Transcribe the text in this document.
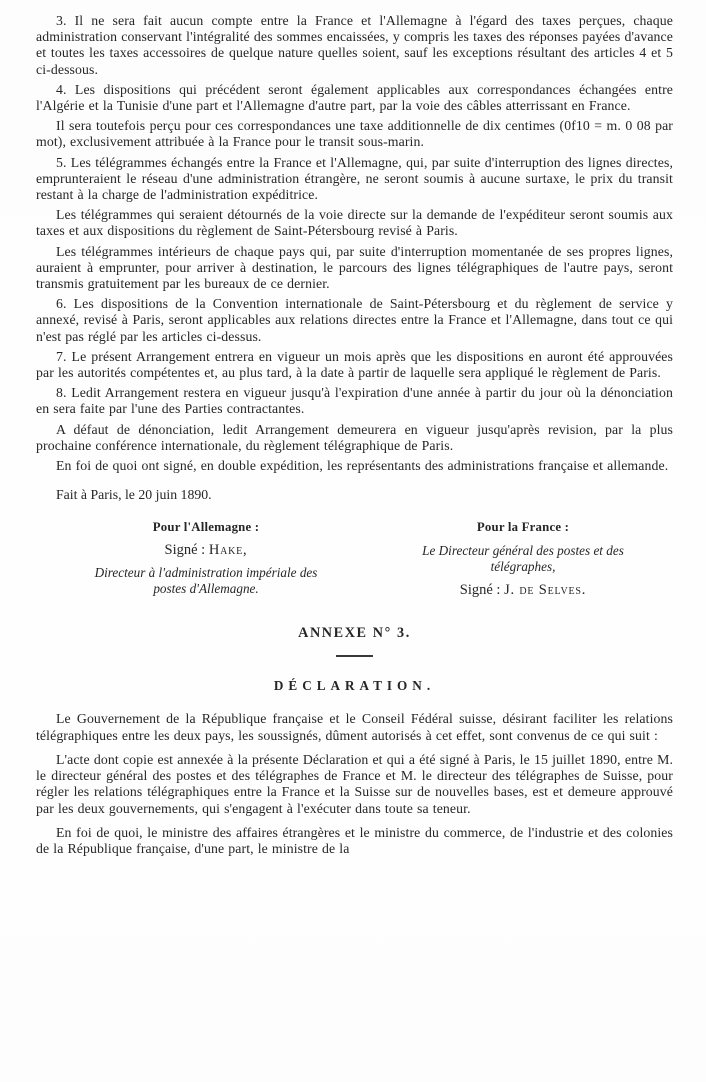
3. Il ne sera fait aucun compte entre la France et l'Allemagne à l'égard des taxes perçues, chaque administration conservant l'intégralité des sommes encaissées, y compris les taxes des réponses payées d'avance et toutes les taxes accessoires de quelque nature quelles soient, sauf les exceptions résultant des articles 4 et 5 ci-dessous.

4. Les dispositions qui précédent seront également applicables aux correspondances échangées entre l'Algérie et la Tunisie d'une part et l'Allemagne d'autre part, par la voie des câbles atterrissant en France.

Il sera toutefois perçu pour ces correspondances une taxe additionnelle de dix centimes (0f10 = m. 0 08 par mot), exclusivement attribuée à la France pour le transit sous-marin.

5. Les télégrammes échangés entre la France et l'Allemagne, qui, par suite d'interruption des lignes directes, emprunteraient le réseau d'une administration étrangère, ne seront soumis à aucune surtaxe, le prix du transit restant à la charge de l'administration expéditrice.

Les télégrammes qui seraient détournés de la voie directe sur la demande de l'expéditeur seront soumis aux taxes et aux dispositions du règlement de Saint-Pétersbourg revisé à Paris.

Les télégrammes intérieurs de chaque pays qui, par suite d'interruption momentanée de ses propres lignes, auraient à emprunter, pour arriver à destination, le parcours des lignes télégraphiques de l'autre pays, seront transmis gratuitement par les bureaux de ce dernier.

6. Les dispositions de la Convention internationale de Saint-Pétersbourg et du règlement de service y annexé, revisé à Paris, seront applicables aux relations directes entre la France et l'Allemagne, dans tout ce qui n'est pas réglé par les articles ci-dessus.

7. Le présent Arrangement entrera en vigueur un mois après que les dispositions en auront été approuvées par les autorités compétentes et, au plus tard, à la date à partir de laquelle sera appliqué le règlement de Paris.

8. Ledit Arrangement restera en vigueur jusqu'à l'expiration d'une année à partir du jour où la dénonciation en sera faite par l'une des Parties contractantes.

A défaut de dénonciation, ledit Arrangement demeurera en vigueur jusqu'après revision, par la plus prochaine conférence internationale, du règlement télégraphique de Paris.

En foi de quoi ont signé, en double expédition, les représentants des administrations française et allemande.

Fait à Paris, le 20 juin 1890.

Pour l'Allemagne :
Signé : Hake,
Directeur à l'administration impériale des postes d'Allemagne.
Pour la France :
Le Directeur général des postes et des télégraphes,
Signé : J. de Selves.
ANNEXE N° 3.
DÉCLARATION.

Le Gouvernement de la République française et le Conseil Fédéral suisse, désirant faciliter les relations télégraphiques entre les deux pays, les soussignés, dûment autorisés à cet effet, sont convenus de ce qui suit :

L'acte dont copie est annexée à la présente Déclaration et qui a été signé à Paris, le 15 juillet 1890, entre M. le directeur général des postes et des télégraphes de France et M. le directeur des télégraphes de Suisse, pour régler les relations télégraphiques entre la France et la Suisse sur de nouvelles bases, est et demeure approuvé par les deux gouvernements, qui s'engagent à l'exécuter dans toute sa teneur.

En foi de quoi, le ministre des affaires étrangères et le ministre du commerce, de l'industrie et des colonies de la République française, d'une part, le ministre de la
